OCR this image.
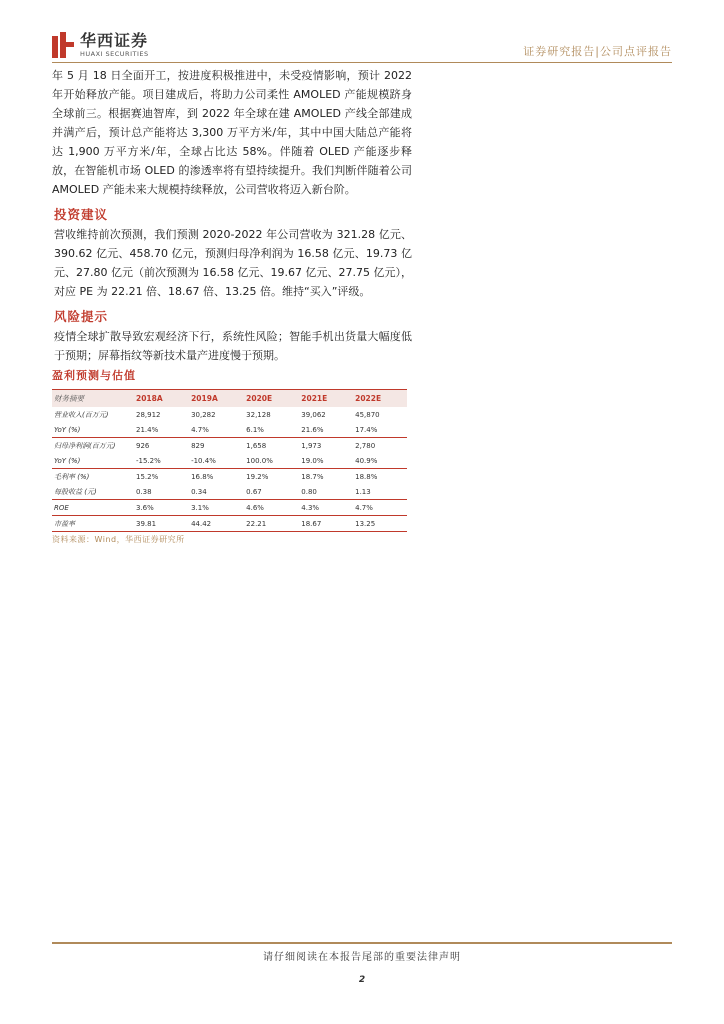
华西证券
HUAXI SECURITIES	证券研究报告|公司点评报告

年 5 月 18 日全面开工，按进度积极推进中，未受疫情影响，预计 2022 年开始释放产能。项目建成后，将助力公司柔性 AMOLED 产能规模跻身全球前三。根据赛迪智库，到 2022 年全球在建 AMOLED 产线全部建成并满产后，预计总产能将达 3,300 万平方米/年，其中中国大陆总产能将达 1,900 万平方米/年，全球占比达 58%。伴随着 OLED 产能逐步释放，在智能机市场 OLED 的渗透率将有望持续提升。我们判断伴随着公司 AMOLED 产能未来大规模持续释放，公司营收将迈入新台阶。

投资建议

营收维持前次预测，我们预测 2020-2022 年公司营收为 321.28 亿元、390.62 亿元、458.70 亿元，预测归母净利润为 16.58 亿元、19.73 亿元、27.80 亿元（前次预测为 16.58 亿元、19.67 亿元、27.75 亿元），对应 PE 为 22.21 倍、18.67 倍、13.25 倍。维持“买入”评级。

风险提示

疫情全球扩散导致宏观经济下行，系统性风险；智能手机出货量大幅度低于预期；屏幕指纹等新技术量产进度慢于预期。

盈利预测与估值
财务摘要	2018A	2019A	2020E	2021E	2022E
营业收入(百万元)	28,912	30,282	32,128	39,062	45,870
YoY (%)	21.4%	4.7%	6.1%	21.6%	17.4%
归母净利润(百万元)	926	829	1,658	1,973	2,780
YoY (%)	-15.2%	-10.4%	100.0%	19.0%	40.9%
毛利率 (%)	15.2%	16.8%	19.2%	18.7%	18.8%
每股收益 (元)	0.38	0.34	0.67	0.80	1.13
ROE	3.6%	3.1%	4.6%	4.3%	4.7%
市盈率	39.81	44.42	22.21	18.67	13.25
资料来源：Wind，华西证券研究所
请仔细阅读在本报告尾部的重要法律声明
2
